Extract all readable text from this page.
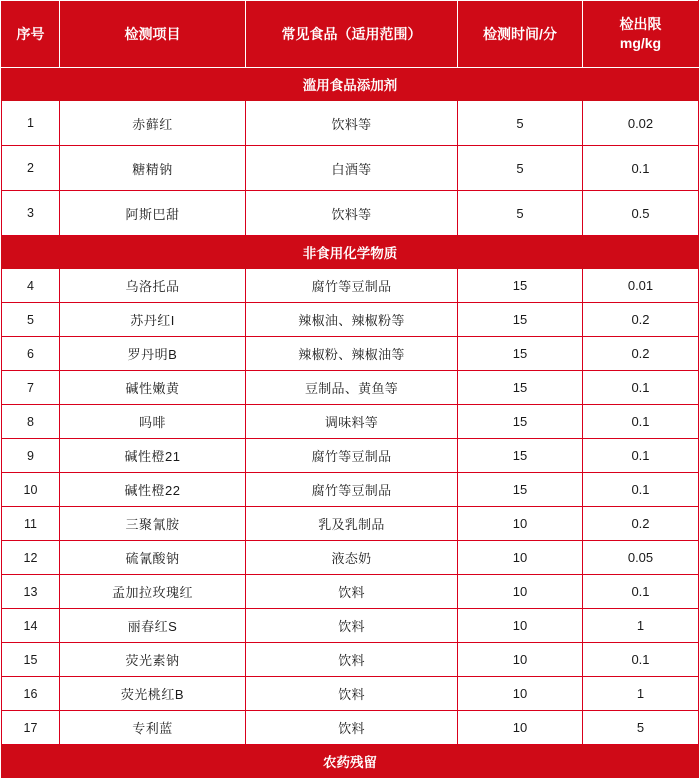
序号	检测项目	常见食品（适用范围）	检测时间/分	检出限
mg/kg

滥用食品添加剂				
1	赤藓红	饮料等	5	0.02
2	糖精钠	白酒等	5	0.1
3	阿斯巴甜	饮料等	5	0.5
非食用化学物质				
4	乌洛托品	腐竹等豆制品	15	0.01
5	苏丹红I	辣椒油、辣椒粉等	15	0.2
6	罗丹明B	辣椒粉、辣椒油等	15	0.2
7	碱性嫩黄	豆制品、黄鱼等	15	0.1
8	吗啡	调味料等	15	0.1
9	碱性橙21	腐竹等豆制品	15	0.1
10	碱性橙22	腐竹等豆制品	15	0.1
11	三聚氰胺	乳及乳制品	10	0.2
12	硫氰酸钠	液态奶	10	0.05
13	孟加拉玫瑰红	饮料	10	0.1
14	丽春红S	饮料	10	1
15	荧光素钠	饮料	10	0.1
16	荧光桃红B	饮料	10	1
17	专利蓝	饮料	10	5
农药残留				
